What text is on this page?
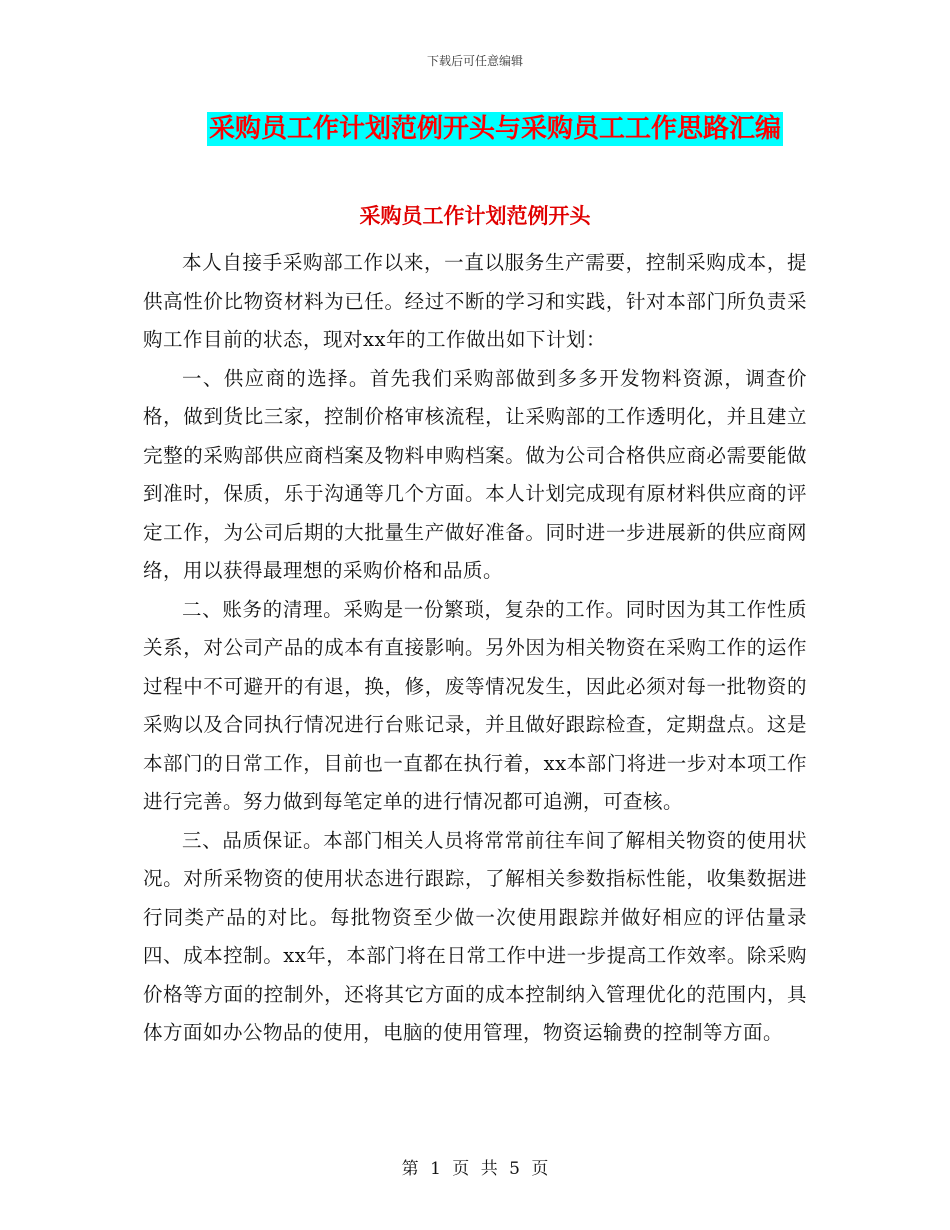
下载后可任意编辑
采购员工作计划范例开头与采购员工工作思路汇编
采购员工作计划范例开头

本人自接手采购部工作以来，一直以服务生产需要，控制采购成本，提供高性价比物资材料为已任。经过不断的学习和实践，针对本部门所负责采购工作目前的状态，现对xx年的工作做出如下计划：

一、供应商的选择。首先我们采购部做到多多开发物料资源，调查价格，做到货比三家，控制价格审核流程，让采购部的工作透明化，并且建立完整的采购部供应商档案及物料申购档案。做为公司合格供应商必需要能做到准时，保质，乐于沟通等几个方面。本人计划完成现有原材料供应商的评定工作，为公司后期的大批量生产做好准备。同时进一步进展新的供应商网络，用以获得最理想的采购价格和品质。

二、账务的清理。采购是一份繁琐，复杂的工作。同时因为其工作性质关系，对公司产品的成本有直接影响。另外因为相关物资在采购工作的运作过程中不可避开的有退，换，修，废等情况发生，因此必须对每一批物资的采购以及合同执行情况进行台账记录，并且做好跟踪检查，定期盘点。这是本部门的日常工作，目前也一直都在执行着，xx本部门将进一步对本项工作进行完善。努力做到每笔定单的进行情况都可追溯，可查核。

三、品质保证。本部门相关人员将常常前往车间了解相关物资的使用状况。对所采物资的使用状态进行跟踪，了解相关参数指标性能，收集数据进行同类产品的对比。每批物资至少做一次使用跟踪并做好相应的评估量录四、成本控制。xx年，本部门将在日常工作中进一步提高工作效率。除采购价格等方面的控制外，还将其它方面的成本控制纳入管理优化的范围内，具体方面如办公物品的使用，电脑的使用管理，物资运输费的控制等方面。

第 1 页 共 5 页
